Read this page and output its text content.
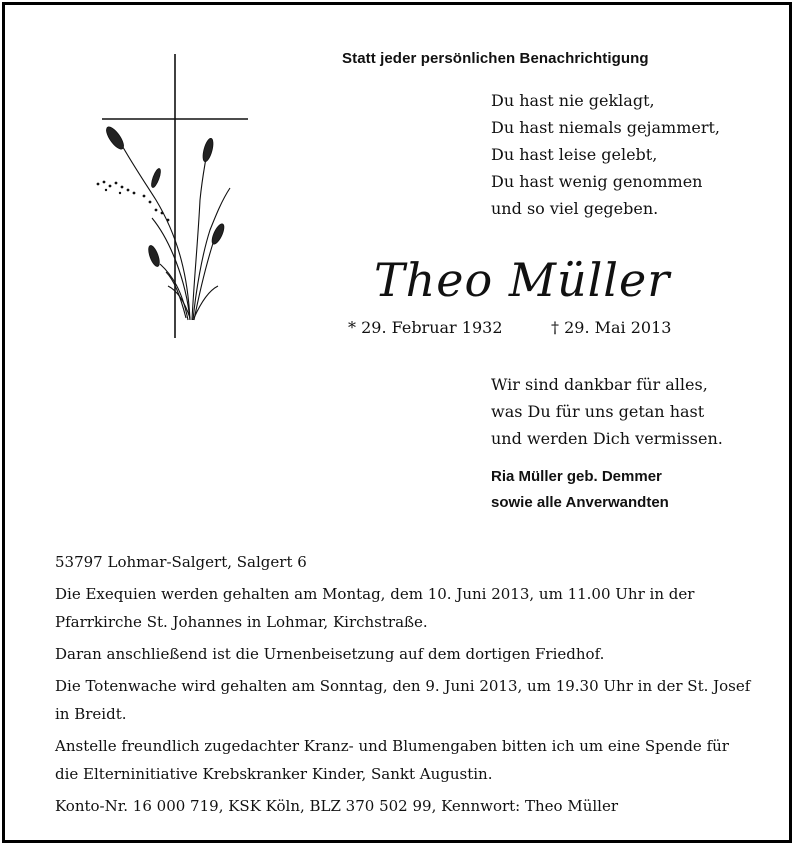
Statt jeder persönlichen Benachrichtigung
Du hast nie geklagt,
Du hast niemals gejammert,
Du hast leise gelebt,
Du hast wenig genommen
und so viel gegeben.
Theo Müller
* 29. Februar 1932	† 29. Mai 2013
Wir sind dankbar für alles,
was Du für uns getan hast
und werden Dich vermissen.
Ria Müller geb. Demmer
sowie alle Anverwandten
53797 Lohmar-Salgert, Salgert 6
Die Exequien werden gehalten am Montag, dem 10. Juni 2013, um 11.00 Uhr in der Pfarrkirche St. Johannes in Lohmar, Kirchstraße.
Daran anschließend ist die Urnenbeisetzung auf dem dortigen Friedhof.
Die Totenwache wird gehalten am Sonntag, den 9. Juni 2013, um 19.30 Uhr in der St. Josef in Breidt.
Anstelle freundlich zugedachter Kranz- und Blumengaben bitten ich um eine Spende für die Elterninitiative Krebskranker Kinder, Sankt Augustin.
Konto-Nr. 16 000 719, KSK Köln, BLZ 370 502 99, Kennwort: Theo Müller
